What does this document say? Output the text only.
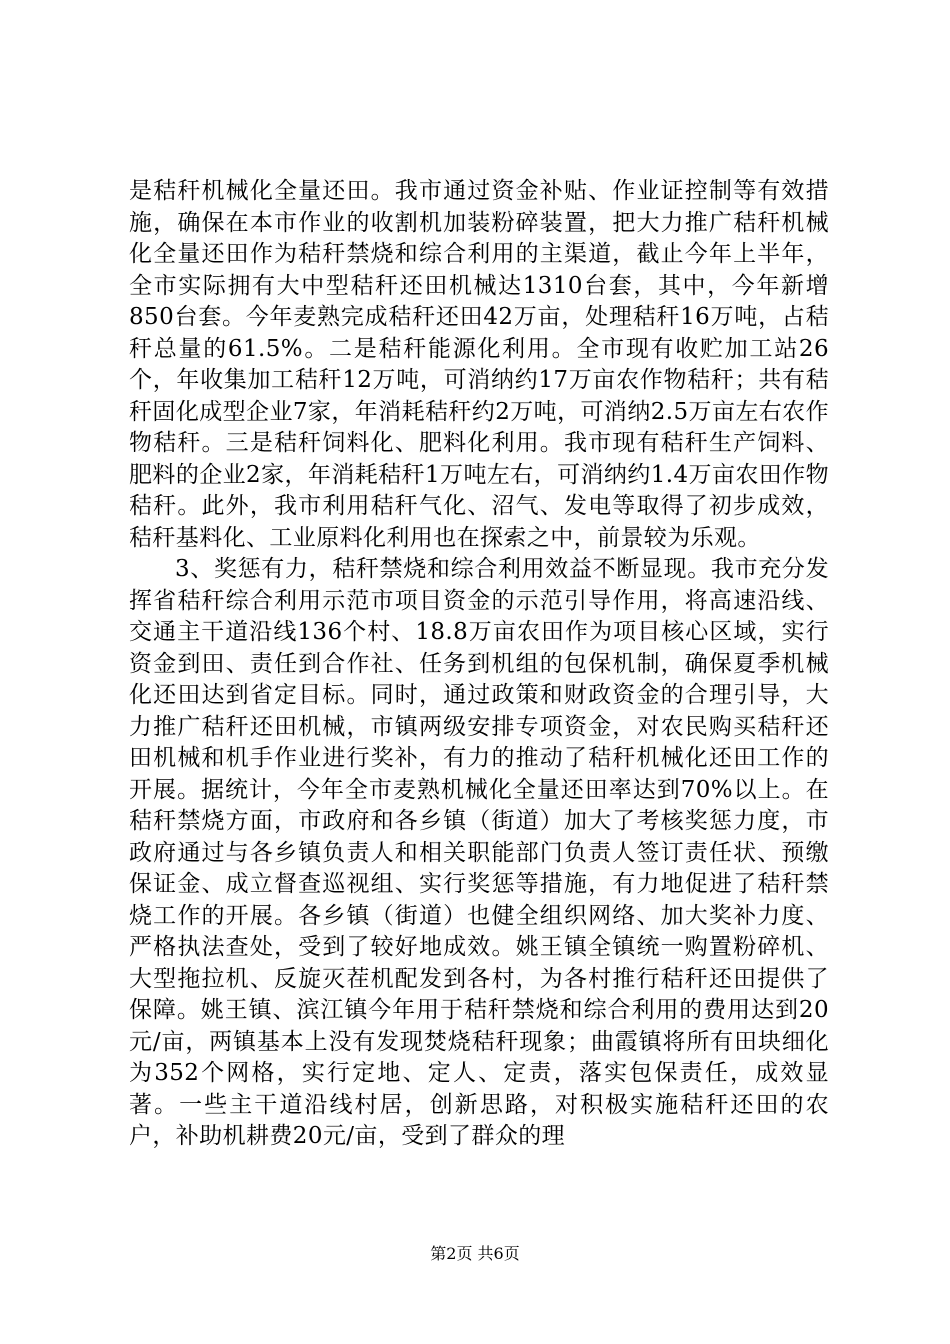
是秸秆机械化全量还田。我市通过资金补贴、作业证控制等有效措施，确保在本市作业的收割机加装粉碎装置，把大力推广秸秆机械化全量还田作为秸秆禁烧和综合利用的主渠道，截止今年上半年，全市实际拥有大中型秸秆还田机械达1310台套，其中，今年新增850台套。今年麦熟完成秸秆还田42万亩，处理秸秆16万吨，占秸秆总量的61.5%。二是秸秆能源化利用。全市现有收贮加工站26个，年收集加工秸秆12万吨，可消纳约17万亩农作物秸秆；共有秸秆固化成型企业7家，年消耗秸秆约2万吨，可消纳2.5万亩左右农作物秸秆。三是秸秆饲料化、肥料化利用。我市现有秸秆生产饲料、肥料的企业2家，年消耗秸秆1万吨左右，可消纳约1.4万亩农田作物秸秆。此外，我市利用秸秆气化、沼气、发电等取得了初步成效，秸秆基料化、工业原料化利用也在探索之中，前景较为乐观。

3、奖惩有力，秸秆禁烧和综合利用效益不断显现。我市充分发挥省秸秆综合利用示范市项目资金的示范引导作用，将高速沿线、交通主干道沿线136个村、18.8万亩农田作为项目核心区域，实行资金到田、责任到合作社、任务到机组的包保机制，确保夏季机械化还田达到省定目标。同时，通过政策和财政资金的合理引导，大力推广秸秆还田机械，市镇两级安排专项资金，对农民购买秸秆还田机械和机手作业进行奖补，有力的推动了秸秆机械化还田工作的开展。据统计，今年全市麦熟机械化全量还田率达到70%以上。在秸秆禁烧方面，市政府和各乡镇（街道）加大了考核奖惩力度，市政府通过与各乡镇负责人和相关职能部门负责人签订责任状、预缴保证金、成立督查巡视组、实行奖惩等措施，有力地促进了秸秆禁烧工作的开展。各乡镇（街道）也健全组织网络、加大奖补力度、严格执法查处，受到了较好地成效。姚王镇全镇统一购置粉碎机、大型拖拉机、反旋灭茬机配发到各村，为各村推行秸秆还田提供了保障。姚王镇、滨江镇今年用于秸秆禁烧和综合利用的费用达到20元/亩，两镇基本上没有发现焚烧秸秆现象；曲霞镇将所有田块细化为352个网格，实行定地、定人、定责，落实包保责任，成效显著。一些主干道沿线村居，创新思路，对积极实施秸秆还田的农户，补助机耕费20元/亩，受到了群众的理

第2页 共6页
